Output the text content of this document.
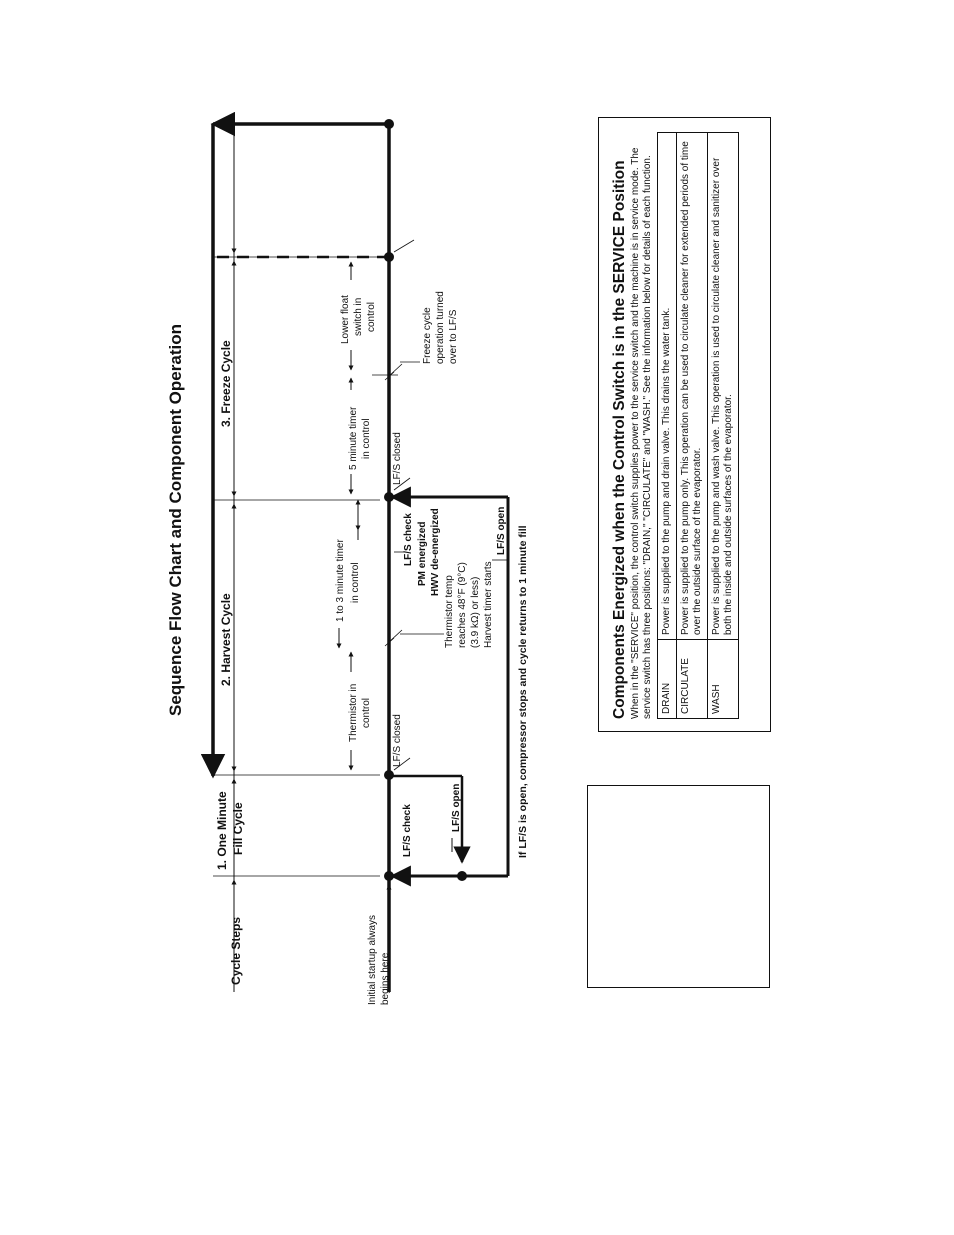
Sequence Flow Chart and Component Operation
Cycle Steps
1. One Minute Fill Cycle
2. Harvest Cycle
3. Freeze Cycle
Initial startup always begins here
LF/S check	LF/S open
LF/S closed
Thermistor in control
1 to 3 minute timer in control	Thermistor temp reaches 48°F (9°C) (3.9 kΩ) or less) Harvest timer starts
LF/S check PM energized HWV de-energized	LF/S open
LF/S closed
5 minute timer in control
Lower float switch in control	Freeze cycle operation turned over to LF/S
If LF/S is open, compressor stops and cycle returns to 1 minute fill	Components Energized when the Control Switch is in the SERVICE Position When in the "SERVICE" position, the control switch supplies power to the service switch and the machine is in service mode. The service switch has three positions: "DRAIN," "CIRCULATE" and "WASH." See the information below for details of each function. DRAIN	Power is supplied to the pump and drain valve. This drains the water tank.
CIRCULATE	Power is supplied to the pump only. This operation can be used to circulate cleaner for extended periods of time over the outside surface of the evaporator.
WASH	Power is supplied to the pump and wash valve. This operation is used to circulate cleaner and sanitizer over both the inside and outside surfaces of the evaporator.
